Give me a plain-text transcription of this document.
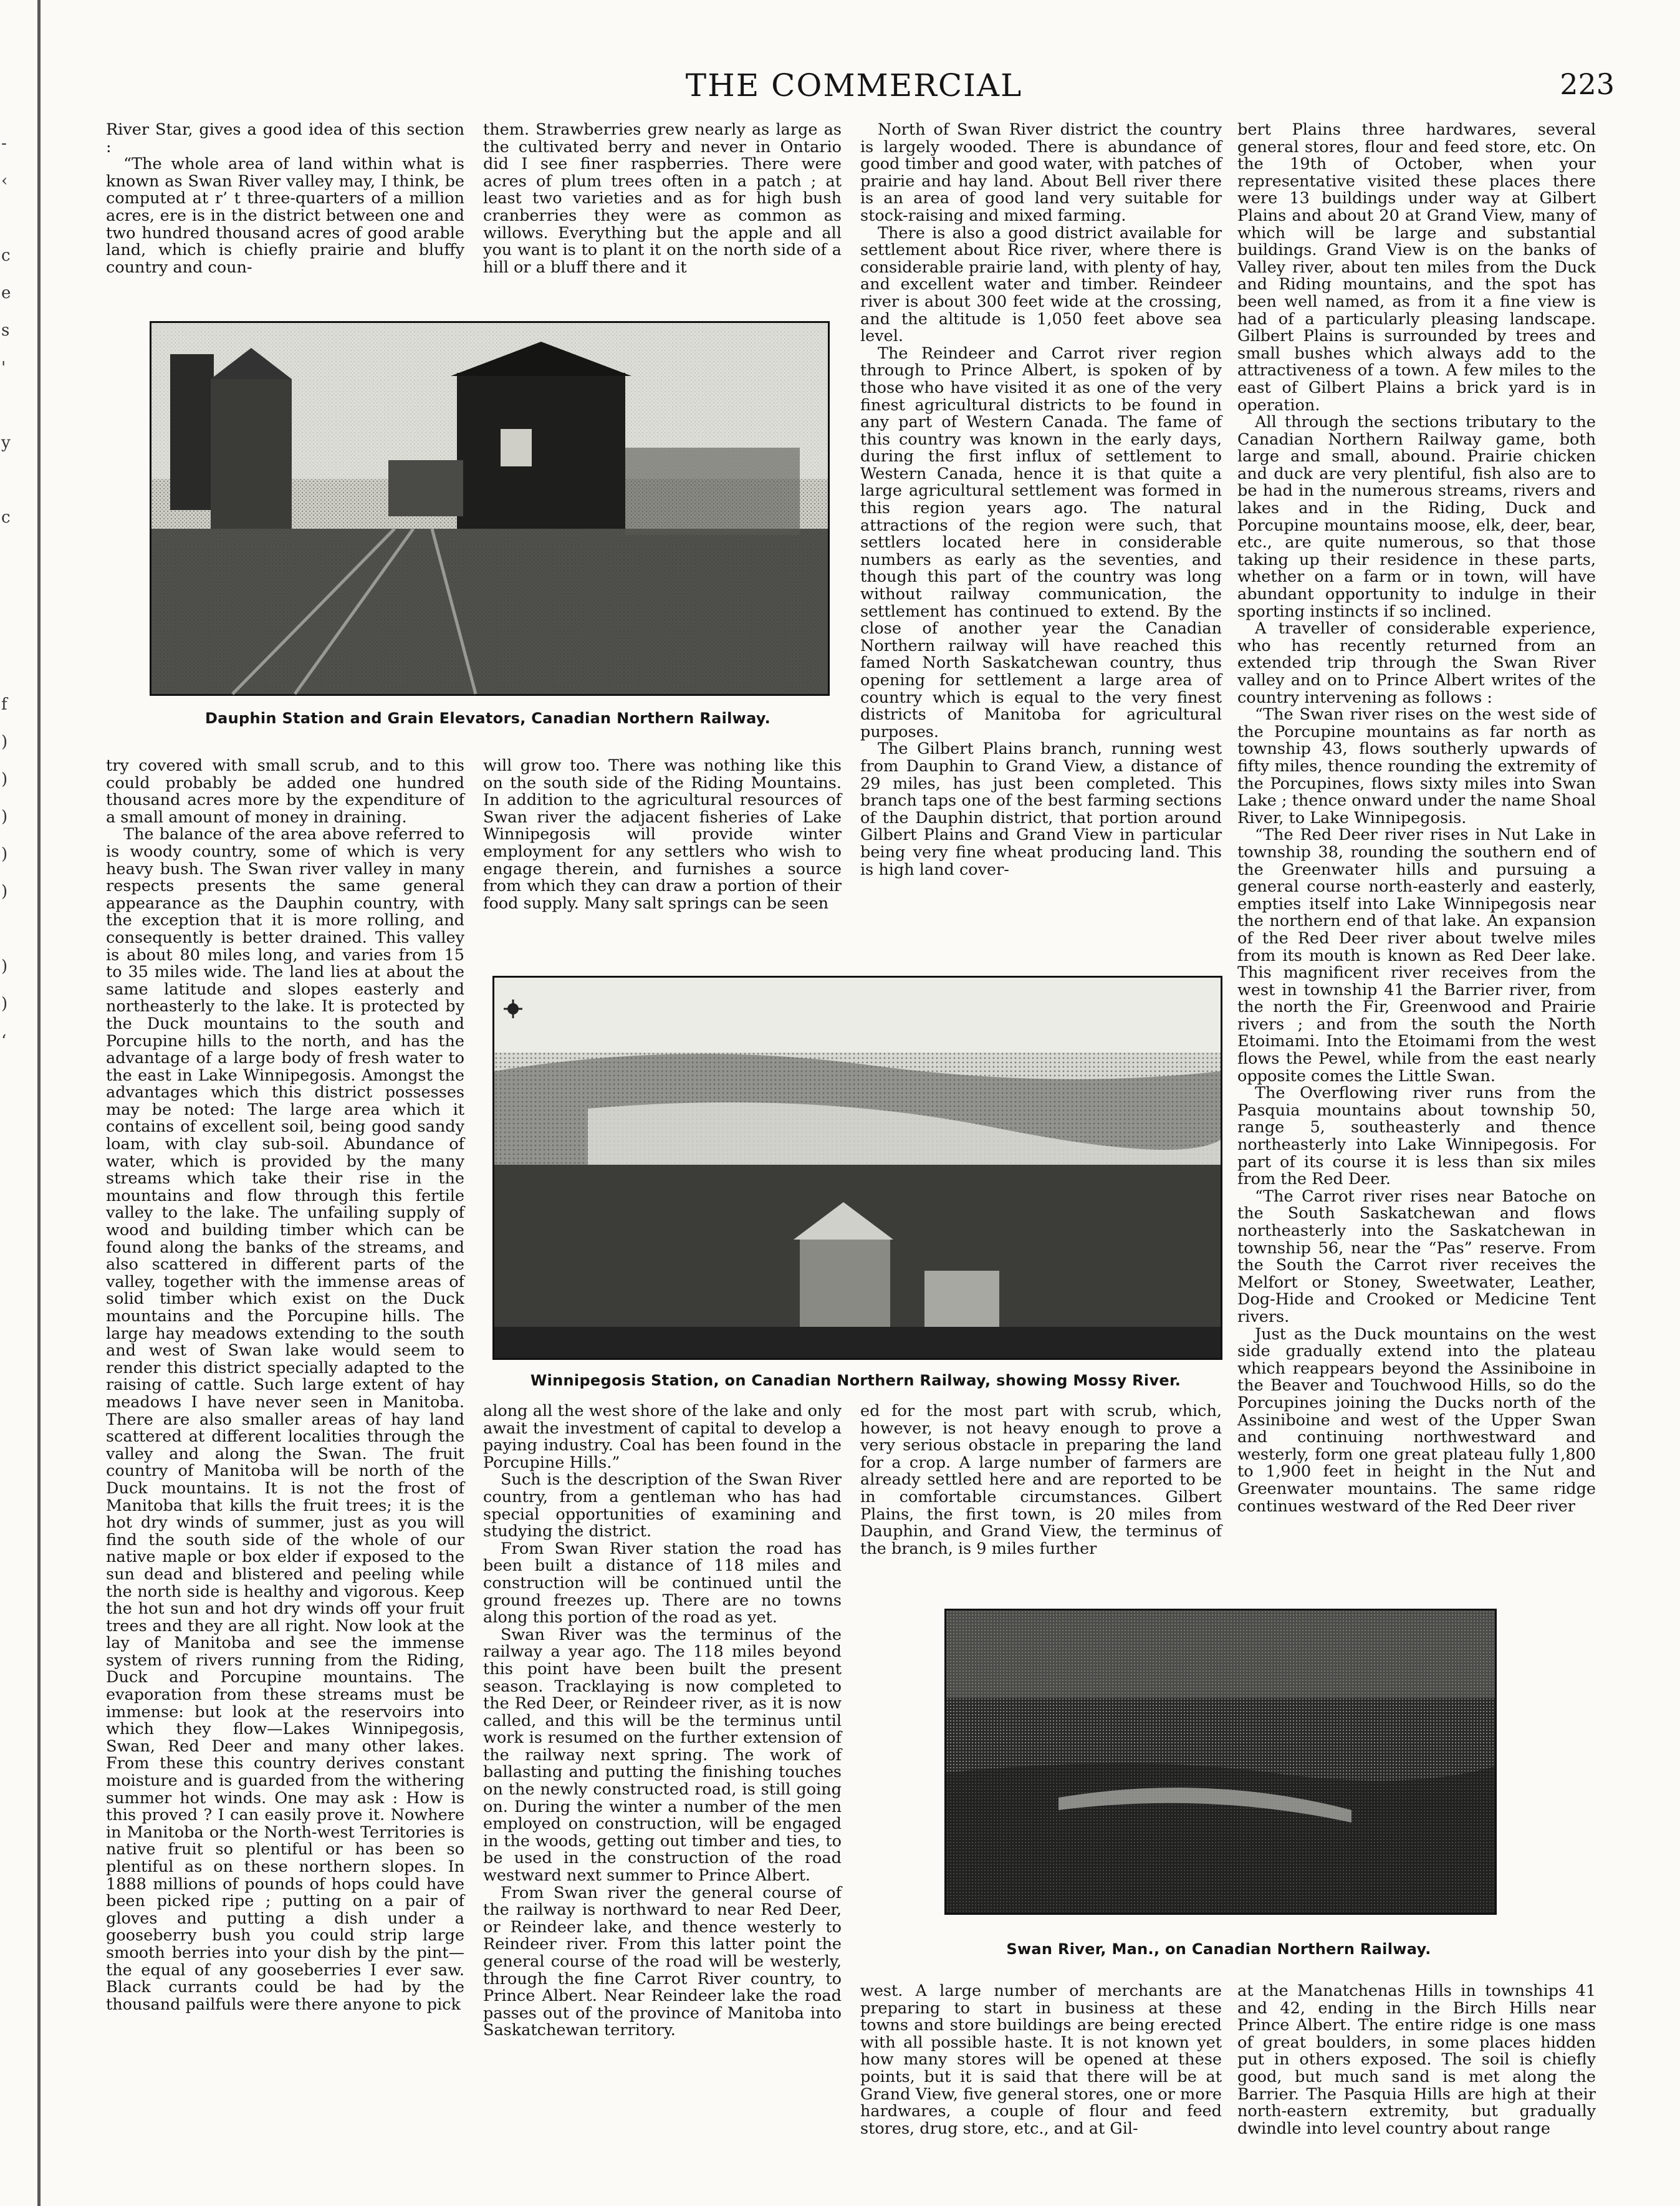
-
‹

c
e
s
'

y

c

f
)
)
)
)
)

)
)
‘
THE COMMERCIAL	223

River Star, gives a good idea of this section :

“The whole area of land within what is known as Swan River valley may, I think, be computed at r’ t three-quarters of a million acres, ere is in the district between one and two hundred thousand acres of good arable land, which is chiefly prairie and bluffy country and coun-

them. Strawberries grew nearly as large as the cultivated berry and never in Ontario did I see finer raspberries. There were acres of plum trees often in a patch ; at least two varieties and as for high bush cranberries they were as common as willows. Everything but the apple and all you want is to plant it on the north side of a hill or a bluff there and it

North of Swan River district the country is largely wooded. There is abundance of good timber and good water, with patches of prairie and hay land. About Bell river there is an area of good land very suitable for stock-raising and mixed farming.

There is also a good district available for settlement about Rice river, where there is considerable prairie land, with plenty of hay, and excellent water and timber. Reindeer river is about 300 feet wide at the crossing, and the altitude is 1,050 feet above sea level.

The Reindeer and Carrot river region through to Prince Albert, is spoken of by those who have visited it as one of the very finest agricultural districts to be found in any part of Western Canada. The fame of this country was known in the early days, during the first influx of settlement to Western Canada, hence it is that quite a large agricultural settlement was formed in this region years ago. The natural attractions of the region were such, that settlers located here in considerable numbers as early as the seventies, and though this part of the country was long without railway communication, the settlement has continued to extend. By the close of another year the Canadian Northern railway will have reached this famed North Saskatchewan country, thus opening for settlement a large area of country which is equal to the very finest districts of Manitoba for agricultural purposes.

The Gilbert Plains branch, running west from Dauphin to Grand View, a distance of 29 miles, has just been completed. This branch taps one of the best farming sections of the Dauphin district, that portion around Gilbert Plains and Grand View in particular being very fine wheat producing land. This is high land cover-

bert Plains three hardwares, several general stores, flour and feed store, etc. On the 19th of October, when your representative visited these places there were 13 buildings under way at Gilbert Plains and about 20 at Grand View, many of which will be large and substantial buildings. Grand View is on the banks of Valley river, about ten miles from the Duck and Riding mountains, and the spot has been well named, as from it a fine view is had of a particularly pleasing landscape. Gilbert Plains is surrounded by trees and small bushes which always add to the attractiveness of a town. A few miles to the east of Gilbert Plains a brick yard is in operation.

All through the sections tributary to the Canadian Northern Railway game, both large and small, abound. Prairie chicken and duck are very plentiful, fish also are to be had in the numerous streams, rivers and lakes and in the Riding, Duck and Porcupine mountains moose, elk, deer, bear, etc., are quite numerous, so that those taking up their residence in these parts, whether on a farm or in town, will have abundant opportunity to indulge in their sporting instincts if so inclined.

A traveller of considerable experience, who has recently returned from an extended trip through the Swan River valley and on to Prince Albert writes of the country intervening as follows :

“The Swan river rises on the west side of the Porcupine mountains as far north as township 43, flows southerly upwards of fifty miles, thence rounding the extremity of the Porcupines, flows sixty miles into Swan Lake ; thence onward under the name Shoal River, to Lake Winnipegosis.

“The Red Deer river rises in Nut Lake in township 38, rounding the southern end of the Greenwater hills and pursuing a general course north-easterly and easterly, empties itself into Lake Winnipegosis near the northern end of that lake. An expansion of the Red Deer river about twelve miles from its mouth is known as Red Deer lake. This magnificent river receives from the west in township 41 the Barrier river, from the north the Fir, Greenwood and Prairie rivers ; and from the south the North Etoimami. Into the Etoimami from the west flows the Pewel, while from the east nearly opposite comes the Little Swan.

The Overflowing river runs from the Pasquia mountains about township 50, range 5, southeasterly and thence northeasterly into Lake Winnipegosis. For part of its course it is less than six miles from the Red Deer.

“The Carrot river rises near Batoche on the South Saskatchewan and flows northeasterly into the Saskatchewan in township 56, near the “Pas” reserve. From the South the Carrot river receives the Melfort or Stoney, Sweetwater, Leather, Dog-Hide and Crooked or Medicine Tent rivers.

Just as the Duck mountains on the west side gradually extend into the plateau which reappears beyond the Assiniboine in the Beaver and Touchwood Hills, so do the Porcupines joining the Ducks north of the Assiniboine and west of the Upper Swan and continuing northwestward and westerly, form one great plateau fully 1,800 to 1,900 feet in height in the Nut and Greenwater mountains. The same ridge continues westward of the Red Deer river

try covered with small scrub, and to this could probably be added one hundred thousand acres more by the expenditure of a small amount of money in draining.

The balance of the area above referred to is woody country, some of which is very heavy bush. The Swan river valley in many respects presents the same general appearance as the Dauphin country, with the exception that it is more rolling, and consequently is better drained. This valley is about 80 miles long, and varies from 15 to 35 miles wide. The land lies at about the same latitude and slopes easterly and northeasterly to the lake. It is protected by the Duck mountains to the south and Porcupine hills to the north, and has the advantage of a large body of fresh water to the east in Lake Winnipegosis. Amongst the advantages which this district possesses may be noted: The large area which it contains of excellent soil, being good sandy loam, with clay sub-soil. Abundance of water, which is provided by the many streams which take their rise in the mountains and flow through this fertile valley to the lake. The unfailing supply of wood and building timber which can be found along the banks of the streams, and also scattered in different parts of the valley, together with the immense areas of solid timber which exist on the Duck mountains and the Porcupine hills. The large hay meadows extending to the south and west of Swan lake would seem to render this district specially adapted to the raising of cattle. Such large extent of hay meadows I have never seen in Manitoba. There are also smaller areas of hay land scattered at different localities through the valley and along the Swan. The fruit country of Manitoba will be north of the Duck mountains. It is not the frost of Manitoba that kills the fruit trees; it is the hot dry winds of summer, just as you will find the south side of the whole of our native maple or box elder if exposed to the sun dead and blistered and peeling while the north side is healthy and vigorous. Keep the hot sun and hot dry winds off your fruit trees and they are all right. Now look at the lay of Manitoba and see the immense system of rivers running from the Riding, Duck and Porcupine mountains. The evaporation from these streams must be immense: but look at the reservoirs into which they flow—Lakes Winnipegosis, Swan, Red Deer and many other lakes. From these this country derives constant moisture and is guarded from the withering summer hot winds. One may ask : How is this proved ? I can easily prove it. Nowhere in Manitoba or the North-west Territories is native fruit so plentiful or has been so plentiful as on these northern slopes. In 1888 millions of pounds of hops could have been picked ripe ; putting on a pair of gloves and putting a dish under a gooseberry bush you could strip large smooth berries into your dish by the pint—the equal of any gooseberries I ever saw. Black currants could be had by the thousand pailfuls were there anyone to pick

will grow too. There was nothing like this on the south side of the Riding Mountains. In addition to the agricultural resources of Swan river the adjacent fisheries of Lake Winnipegosis will provide winter employment for any settlers who wish to engage therein, and furnishes a source from which they can draw a portion of their food supply. Many salt springs can be seen

along all the west shore of the lake and only await the investment of capital to develop a paying industry. Coal has been found in the Porcupine Hills.”

Such is the description of the Swan River country, from a gentleman who has had special opportunities of examining and studying the district.

From Swan River station the road has been built a distance of 118 miles and construction will be continued until the ground freezes up. There are no towns along this portion of the road as yet.

Swan River was the terminus of the railway a year ago. The 118 miles beyond this point have been built the present season. Tracklaying is now completed to the Red Deer, or Reindeer river, as it is now called, and this will be the terminus until work is resumed on the further extension of the railway next spring. The work of ballasting and putting the finishing touches on the newly constructed road, is still going on. During the winter a number of the men employed on construction, will be engaged in the woods, getting out timber and ties, to be used in the construction of the road westward next summer to Prince Albert.

From Swan river the general course of the railway is northward to near Red Deer, or Reindeer lake, and thence westerly to Reindeer river. From this latter point the general course of the road will be westerly, through the fine Carrot River country, to Prince Albert. Near Reindeer lake the road passes out of the province of Manitoba into Saskatchewan territory.

ed for the most part with scrub, which, however, is not heavy enough to prove a very serious obstacle in preparing the land for a crop. A large number of farmers are already settled here and are reported to be in comfortable circumstances. Gilbert Plains, the first town, is 20 miles from Dauphin, and Grand View, the terminus of the branch, is 9 miles further

west. A large number of merchants are preparing to start in business at these towns and store buildings are being erected with all possible haste. It is not known yet how many stores will be opened at these points, but it is said that there will be at Grand View, five general stores, one or more hardwares, a couple of flour and feed stores, drug store, etc., and at Gil-

at the Manatchenas Hills in townships 41 and 42, ending in the Birch Hills near Prince Albert. The entire ridge is one mass of great boulders, in some places hidden put in others exposed. The soil is chiefly good, but much sand is met along the Barrier. The Pasquia Hills are high at their north-eastern extremity, but gradually dwindle into level country about range

Dauphin Station and Grain Elevators, Canadian Northern Railway.
Winnipegosis Station, on Canadian Northern Railway, showing Mossy River.
Swan River, Man., on Canadian Northern Railway.
